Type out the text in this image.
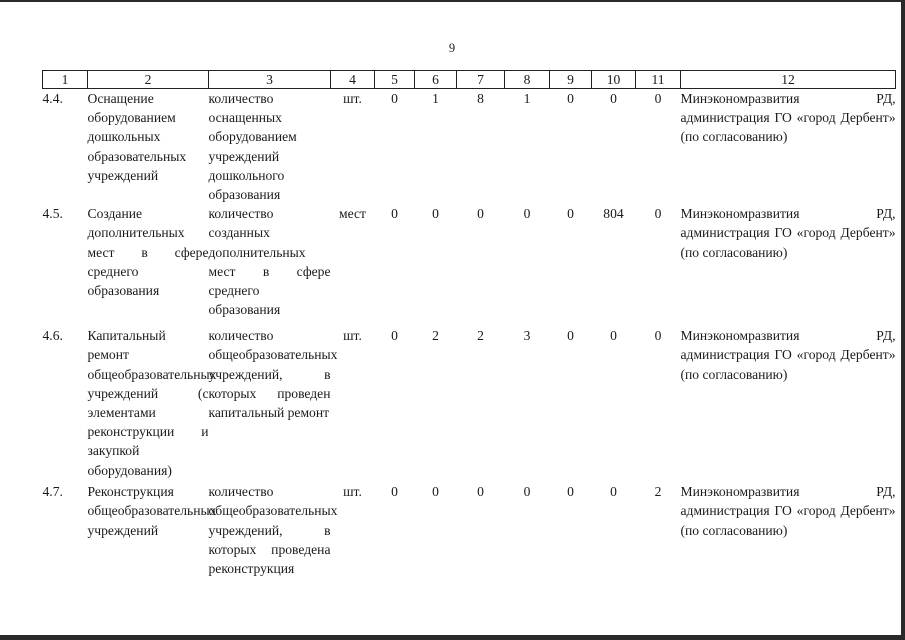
9
1	2	3	4	5	6	7	8	9	10	11	12
4.4.	Оснащение оборудованием дошкольных образовательных учреждений	количество оснащенных оборудованием учреждений дошкольного образования	шт.	0	1	8	1	0	0	0	Минэкономразвития РД, администрация ГО «город Дербент» (по согласованию)
4.5.	Создание дополнительных мест в сфере среднего образования	количество созданных дополнительных мест в сфере среднего образования	мест	0	0	0	0	0	804	0	Минэкономразвития РД, администрация ГО «город Дербент» (по согласованию)
4.6.	Капитальный ремонт общеобразовательных учреждений (с элементами реконструкции и закупкой оборудования)	количество общеобразовательных учреждений, в которых проведен капитальный ремонт	шт.	0	2	2	3	0	0	0	Минэкономразвития РД, администрация ГО «город Дербент» (по согласованию)
4.7.	Реконструкция общеобразовательных учреждений	количество общеобразовательных учреждений, в которых проведена реконструкция	шт.	0	0	0	0	0	0	2	Минэкономразвития РД, администрация ГО «город Дербент» (по согласованию)
